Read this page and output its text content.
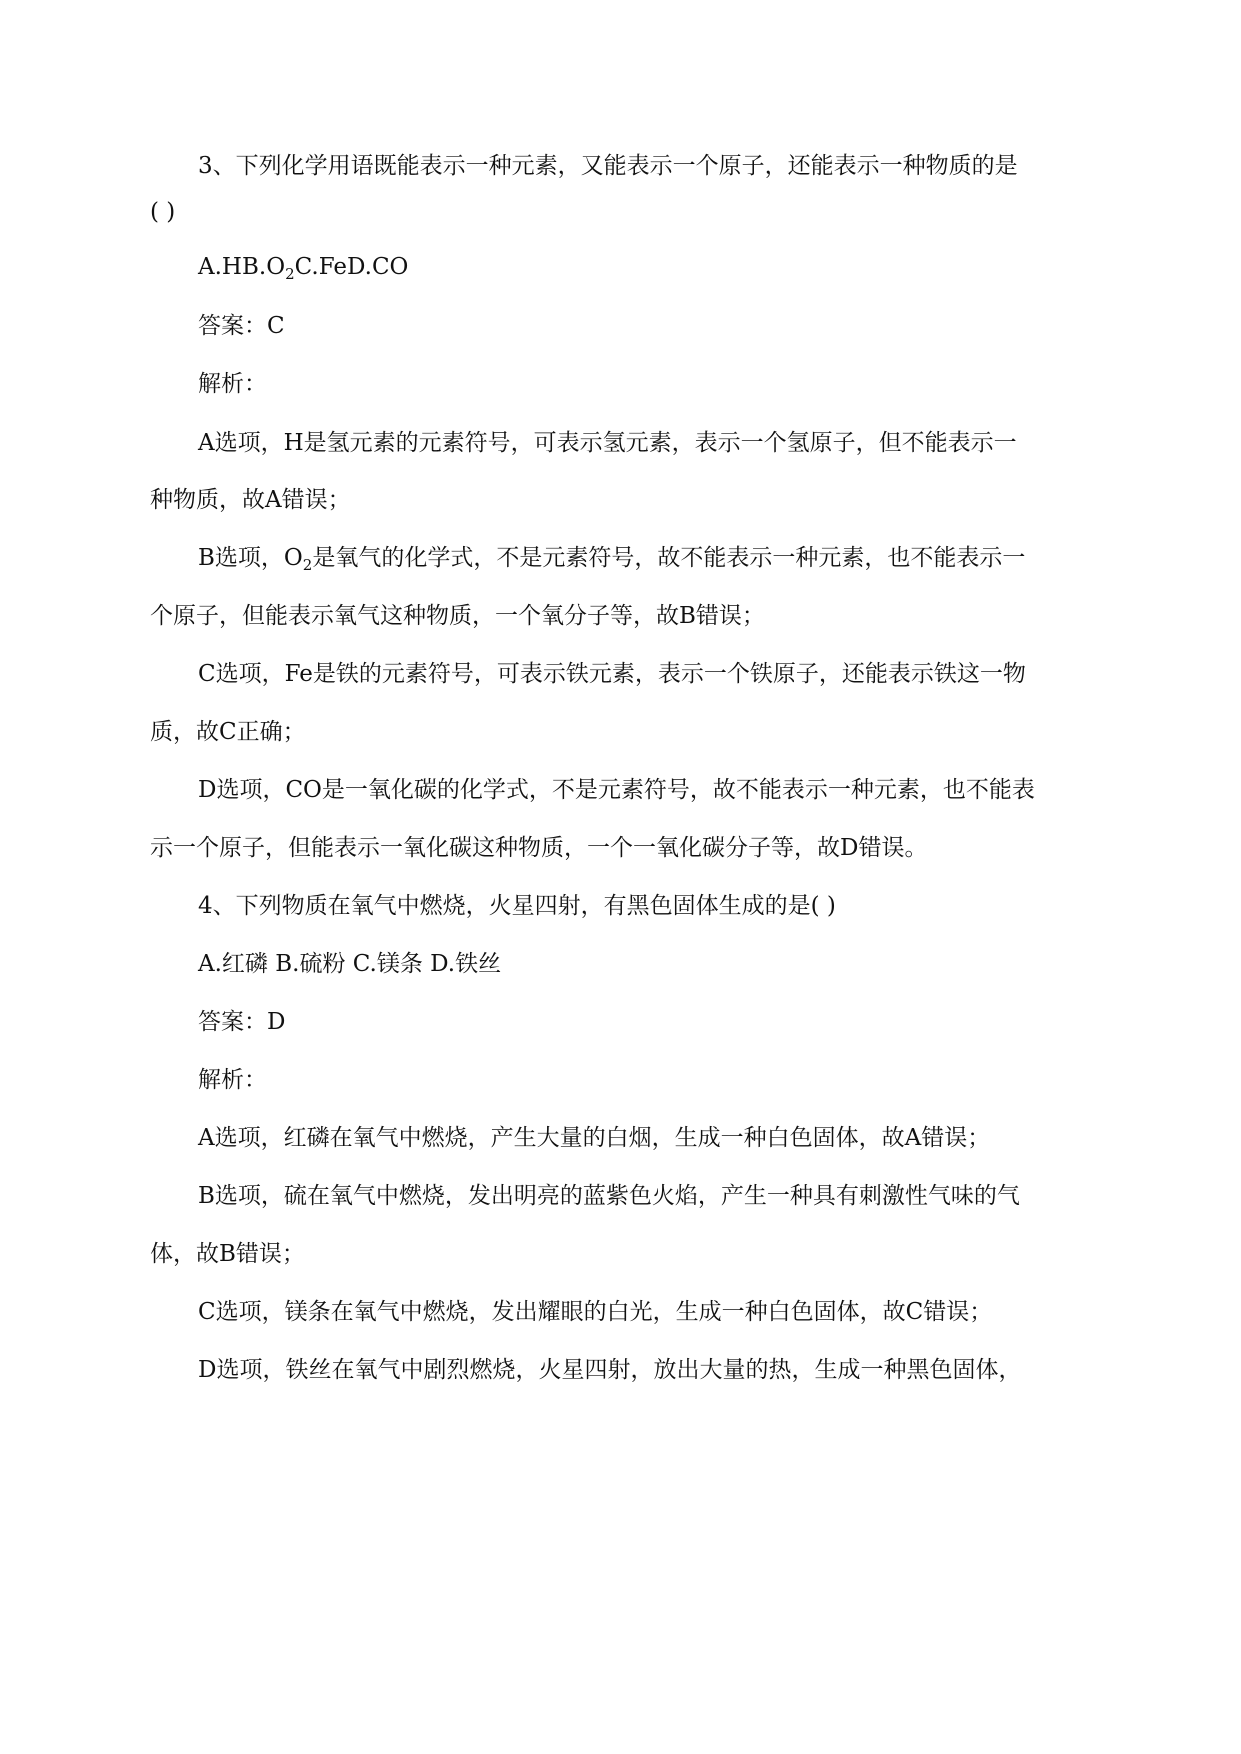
3、下列化学用语既能表示一种元素，又能表示一个原子，还能表示一种物质的是
( )
$A.HB.O_2C.FeD.CO$
答案：C
解析：
A选项，H是氢元素的元素符号，可表示氢元素，表示一个氢原子，但不能表示一
种物质，故A错误；
B选项，$O_2$是氧气的化学式，不是元素符号，故不能表示一种元素，也不能表示一
个原子，但能表示氧气这种物质，一个氧分子等，故B错误；
C选项，Fe是铁的元素符号，可表示铁元素，表示一个铁原子，还能表示铁这一物
质，故C正确；
D选项，CO是一氧化碳的化学式，不是元素符号，故不能表示一种元素，也不能表
示一个原子，但能表示一氧化碳这种物质，一个一氧化碳分子等，故D错误。
4、下列物质在氧气中燃烧，火星四射，有黑色固体生成的是( )
A.红磷 B.硫粉 C.镁条 D.铁丝
答案：D
解析：
A选项，红磷在氧气中燃烧，产生大量的白烟，生成一种白色固体，故A错误；
B选项，硫在氧气中燃烧，发出明亮的蓝紫色火焰，产生一种具有刺激性气味的气
体，故B错误；
C选项，镁条在氧气中燃烧，发出耀眼的白光，生成一种白色固体，故C错误；
D选项，铁丝在氧气中剧烈燃烧，火星四射，放出大量的热，生成一种黑色固体，
